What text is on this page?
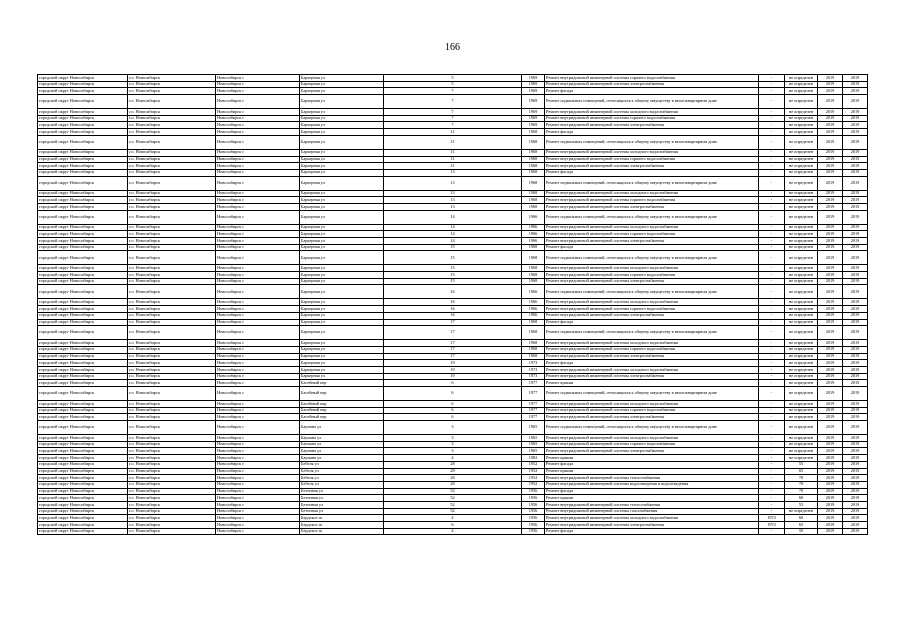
166
городской округ Новосибирск	г.о. Новосибирск	Новосибирск г	Барьерная ул	5	1969	Ремонт внутридомовой инженерной системы горячего водоснабжения	-	не определен	2019	2019
городской округ Новосибирск	г.о. Новосибирск	Новосибирск г	Барьерная ул	5	1969	Ремонт внутридомовой инженерной системы электроснабжения	-	не определен	2019	2019
городской округ Новосибирск	г.о. Новосибирск	Новосибирск г	Барьерная ул	7	1969	Ремонт фасада	-	не определен	2019	2019
городской округ Новосибирск	г.о. Новосибирск	Новосибирск г	Барьерная ул	7	1969	Ремонт подвальных помещений, относящихся к общему имуществу в многоквартирном доме	-	не определен	2019	2019
городской округ Новосибирск	г.о. Новосибирск	Новосибирск г	Барьерная ул	7	1969	Ремонт внутридомовой инженерной системы холодного водоснабжения	-	не определен	2019	2019
городской округ Новосибирск	г.о. Новосибирск	Новосибирск г	Барьерная ул	7	1969	Ремонт внутридомовой инженерной системы горячего водоснабжения	-	не определен	2019	2019
городской округ Новосибирск	г.о. Новосибирск	Новосибирск г	Барьерная ул	7	1969	Ремонт внутридомовой инженерной системы электроснабжения	-	не определен	2019	2019
городской округ Новосибирск	г.о. Новосибирск	Новосибирск г	Барьерная ул	11	1968	Ремонт фасада	-	не определен	2019	2019
городской округ Новосибирск	г.о. Новосибирск	Новосибирск г	Барьерная ул	11	1968	Ремонт подвальных помещений, относящихся к общему имуществу в многоквартирном доме	-	не определен	2019	2019
городской округ Новосибирск	г.о. Новосибирск	Новосибирск г	Барьерная ул	11	1968	Ремонт внутридомовой инженерной системы холодного водоснабжения	-	не определен	2019	2019
городской округ Новосибирск	г.о. Новосибирск	Новосибирск г	Барьерная ул	11	1968	Ремонт внутридомовой инженерной системы горячего водоснабжения	-	не определен	2019	2019
городской округ Новосибирск	г.о. Новосибирск	Новосибирск г	Барьерная ул	11	1968	Ремонт внутридомовой инженерной системы электроснабжения	-	не определен	2019	2019
городской округ Новосибирск	г.о. Новосибирск	Новосибирск г	Барьерная ул	13	1968	Ремонт фасада	-	не определен	2019	2019
городской округ Новосибирск	г.о. Новосибирск	Новосибирск г	Барьерная ул	13	1968	Ремонт подвальных помещений, относящихся к общему имуществу в многоквартирном доме	-	не определен	2019	2019
городской округ Новосибирск	г.о. Новосибирск	Новосибирск г	Барьерная ул	13	1968	Ремонт внутридомовой инженерной системы холодного водоснабжения	-	не определен	2019	2019
городской округ Новосибирск	г.о. Новосибирск	Новосибирск г	Барьерная ул	13	1968	Ремонт внутридомовой инженерной системы горячего водоснабжения	-	не определен	2019	2019
городской округ Новосибирск	г.о. Новосибирск	Новосибирск г	Барьерная ул	13	1968	Ремонт внутридомовой инженерной системы электроснабжения	-	не определен	2019	2019
городской округ Новосибирск	г.о. Новосибирск	Новосибирск г	Барьерная ул	14	1966	Ремонт подвальных помещений, относящихся к общему имуществу в многоквартирном доме	-	не определен	2019	2019
городской округ Новосибирск	г.о. Новосибирск	Новосибирск г	Барьерная ул	14	1966	Ремонт внутридомовой инженерной системы холодного водоснабжения	-	не определен	2019	2019
городской округ Новосибирск	г.о. Новосибирск	Новосибирск г	Барьерная ул	14	1966	Ремонт внутридомовой инженерной системы горячего водоснабжения	-	не определен	2019	2019
городской округ Новосибирск	г.о. Новосибирск	Новосибирск г	Барьерная ул	14	1966	Ремонт внутридомовой инженерной системы электроснабжения	-	не определен	2019	2019
городской округ Новосибирск	г.о. Новосибирск	Новосибирск г	Барьерная ул	15	1968	Ремонт фасада	-	не определен	2019	2019
городской округ Новосибирск	г.о. Новосибирск	Новосибирск г	Барьерная ул	15	1968	Ремонт подвальных помещений, относящихся к общему имуществу в многоквартирном доме	-	не определен	2019	2019
городской округ Новосибирск	г.о. Новосибирск	Новосибирск г	Барьерная ул	15	1968	Ремонт внутридомовой инженерной системы холодного водоснабжения	-	не определен	2019	2019
городской округ Новосибирск	г.о. Новосибирск	Новосибирск г	Барьерная ул	15	1968	Ремонт внутридомовой инженерной системы горячего водоснабжения	-	не определен	2019	2019
городской округ Новосибирск	г.о. Новосибирск	Новосибирск г	Барьерная ул	15	1968	Ремонт внутридомовой инженерной системы электроснабжения	-	не определен	2019	2019
городской округ Новосибирск	г.о. Новосибирск	Новосибирск г	Барьерная ул	16	1966	Ремонт подвальных помещений, относящихся к общему имуществу в многоквартирном доме	-	не определен	2019	2019
городской округ Новосибирск	г.о. Новосибирск	Новосибирск г	Барьерная ул	16	1966	Ремонт внутридомовой инженерной системы холодного водоснабжения	-	не определен	2019	2019
городской округ Новосибирск	г.о. Новосибирск	Новосибирск г	Барьерная ул	16	1966	Ремонт внутридомовой инженерной системы горячего водоснабжения	-	не определен	2019	2019
городской округ Новосибирск	г.о. Новосибирск	Новосибирск г	Барьерная ул	16	1966	Ремонт внутридомовой инженерной системы электроснабжения	-	не определен	2019	2019
городской округ Новосибирск	г.о. Новосибирск	Новосибирск г	Барьерная ул	17	1968	Ремонт фасада	-	не определен	2019	2019
городской округ Новосибирск	г.о. Новосибирск	Новосибирск г	Барьерная ул	17	1968	Ремонт подвальных помещений, относящихся к общему имуществу в многоквартирном доме	-	не определен	2019	2019
городской округ Новосибирск	г.о. Новосибирск	Новосибирск г	Барьерная ул	17	1968	Ремонт внутридомовой инженерной системы холодного водоснабжения	-	не определен	2019	2019
городской округ Новосибирск	г.о. Новосибирск	Новосибирск г	Барьерная ул	17	1968	Ремонт внутридомовой инженерной системы горячего водоснабжения	-	не определен	2019	2019
городской округ Новосибирск	г.о. Новосибирск	Новосибирск г	Барьерная ул	17	1968	Ремонт внутридомовой инженерной системы электроснабжения	-	не определен	2019	2019
городской округ Новосибирск	г.о. Новосибирск	Новосибирск г	Барьерная ул	19	1973	Ремонт фасада	-	не определен	2019	2019
городской округ Новосибирск	г.о. Новосибирск	Новосибирск г	Барьерная ул	19	1973	Ремонт внутридомовой инженерной системы холодного водоснабжения	-	не определен	2019	2019
городской округ Новосибирск	г.о. Новосибирск	Новосибирск г	Барьерная ул	19	1973	Ремонт внутридомовой инженерной системы электроснабжения	-	не определен	2019	2019
городской округ Новосибирск	г.о. Новосибирск	Новосибирск г	Басейный пер	6	1977	Ремонт крыши	-	не определен	2019	2019
городской округ Новосибирск	г.о. Новосибирск	Новосибирск г	Басейный пер	6	1977	Ремонт подвальных помещений, относящихся к общему имуществу в многоквартирном доме	-	не определен	2019	2019
городской округ Новосибирск	г.о. Новосибирск	Новосибирск г	Басейный пер	6	1977	Ремонт внутридомовой инженерной системы холодного водоснабжения	-	не определен	2019	2019
городской округ Новосибирск	г.о. Новосибирск	Новосибирск г	Басейный пер	6	1977	Ремонт внутридомовой инженерной системы горячего водоснабжения	-	не определен	2019	2019
городской округ Новосибирск	г.о. Новосибирск	Новосибирск г	Басейный пер	6	1977	Ремонт внутридомовой инженерной системы электроснабжения	-	не определен	2019	2019
городской округ Новосибирск	г.о. Новосибирск	Новосибирск г	Баумана ул	3	1965	Ремонт подвальных помещений, относящихся к общему имуществу в многоквартирном доме	-	не определен	2019	2019
городской округ Новосибирск	г.о. Новосибирск	Новосибирск г	Баумана ул	3	1965	Ремонт внутридомовой инженерной системы холодного водоснабжения	-	не определен	2019	2019
городской округ Новосибирск	г.о. Новосибирск	Новосибирск г	Баумана ул	3	1965	Ремонт внутридомовой инженерной системы горячего водоснабжения	-	не определен	2019	2019
городской округ Новосибирск	г.о. Новосибирск	Новосибирск г	Баумана ул	3	1965	Ремонт внутридомовой инженерной системы электроснабжения	-	не определен	2019	2019
городской округ Новосибирск	г.о. Новосибирск	Новосибирск г	Баумана ул	4	1982	Ремонт крыши	-	не определен	2019	2019
городской округ Новосибирск	г.о. Новосибирск	Новосибирск г	Бебеля ул	28	1952	Ремонт фасада	-	55	2019	2019
городской округ Новосибирск	г.о. Новосибирск	Новосибирск г	Бебеля ул	28	1952	Ремонт крыши	-	65	2019	2019
городской округ Новосибирск	г.о. Новосибирск	Новосибирск г	Бебеля ул	28	1952	Ремонт внутридомовой инженерной системы теплоснабжения	-	70	2019	2019
городской округ Новосибирск	г.о. Новосибирск	Новосибирск г	Бебеля ул	28	1952	Ремонт внутридомовой инженерной системы водоотведения и водоотведения	-	70	2019	2019
городской округ Новосибирск	г.о. Новосибирск	Новосибирск г	Бетонная ул	52	1956	Ремонт фасада	-	70	2019	2019
городской округ Новосибирск	г.о. Новосибирск	Новосибирск г	Бетонная ул	52	1956	Ремонт крыши	-	60	2019	2019
городской округ Новосибирск	г.о. Новосибирск	Новосибирск г	Бетонная ул	52	1956	Ремонт внутридомовой инженерной системы теплоснабжения	-	55	2019	2019
городской округ Новосибирск	г.о. Новосибирск	Новосибирск г	Бетонная ул	52	1956	Ремонт внутридомовой инженерной системы газоснабжения	-	не определен	2019	2019
городской округ Новосибирск	г.о. Новосибирск	Новосибирск г	Бердское ш	4	1956	Ремонт внутридомовой инженерной системы холодного водоснабжения	1972	60	2019	2019
городской округ Новосибирск	г.о. Новосибирск	Новосибирск г	Бердское ш	6	1956	Ремонт внутридомовой инженерной системы электроснабжения	1972	65	2019	2019
городской округ Новосибирск	г.о. Новосибирск	Новосибирск г	Бердское ш	4	1956	Ремонт фасада	-	50	2019	2019
